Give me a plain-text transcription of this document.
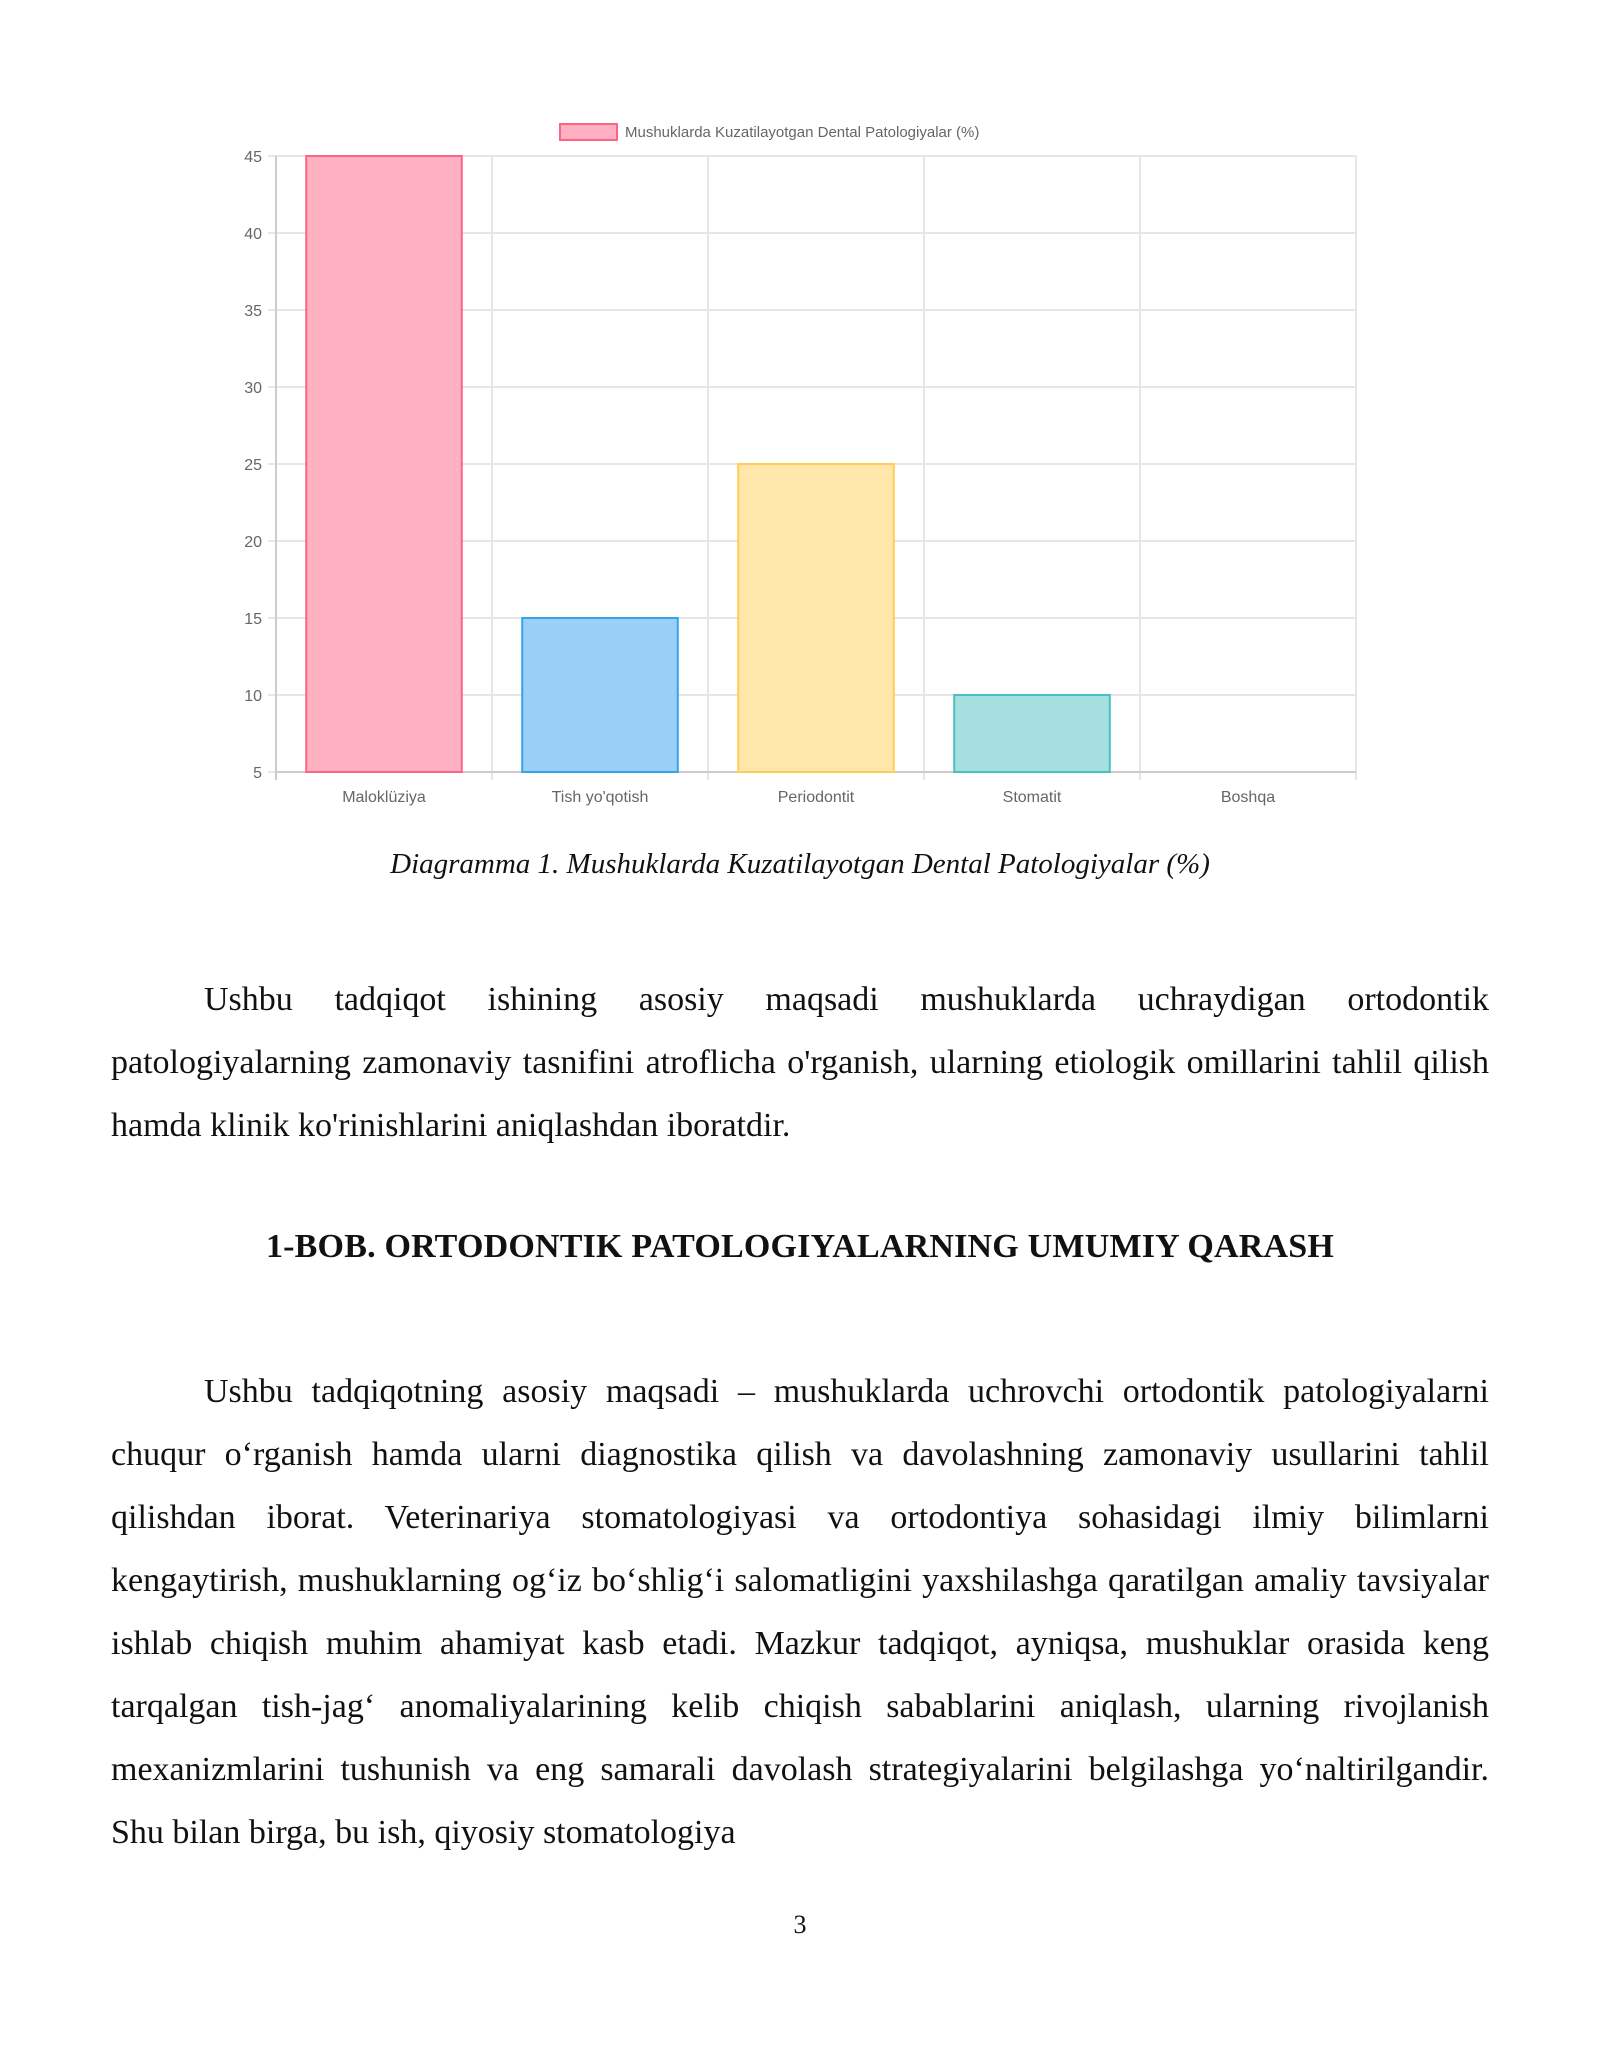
5
10
15
20
25
30
35
40
45
Maloklüziya	Tish yo'qotish	Periodontit	Stomatit	Boshqa
Mushuklarda Kuzatilayotgan Dental Patologiyalar (%)

Diagramma 1. Mushuklarda Kuzatilayotgan Dental Patologiyalar (%)

Ushbu tadqiqot ishining asosiy maqsadi mushuklarda uchraydigan ortodontik patologiyalarning zamonaviy tasnifini atroflicha o'rganish, ularning etiologik omillarini tahlil qilish hamda klinik ko'rinishlarini aniqlashdan iboratdir.

1-BOB. ORTODONTIK PATOLOGIYALARNING UMUMIY QARASH

Ushbu tadqiqotning asosiy maqsadi – mushuklarda uchrovchi ortodontik patologiyalarni chuqur o‘rganish hamda ularni diagnostika qilish va davolashning zamonaviy usullarini tahlil qilishdan iborat. Veterinariya stomatologiyasi va ortodontiya sohasidagi ilmiy bilimlarni kengaytirish, mushuklarning og‘iz bo‘shlig‘i salomatligini yaxshilashga qaratilgan amaliy tavsiyalar ishlab chiqish muhim ahamiyat kasb etadi. Mazkur tadqiqot, ayniqsa, mushuklar orasida keng tarqalgan tish-jag‘ anomaliyalarining kelib chiqish sabablarini aniqlash, ularning rivojlanish mexanizmlarini tushunish va eng samarali davolash strategiyalarini belgilashga yo‘naltirilgandir. Shu bilan birga, bu ish, qiyosiy stomatologiya

3
